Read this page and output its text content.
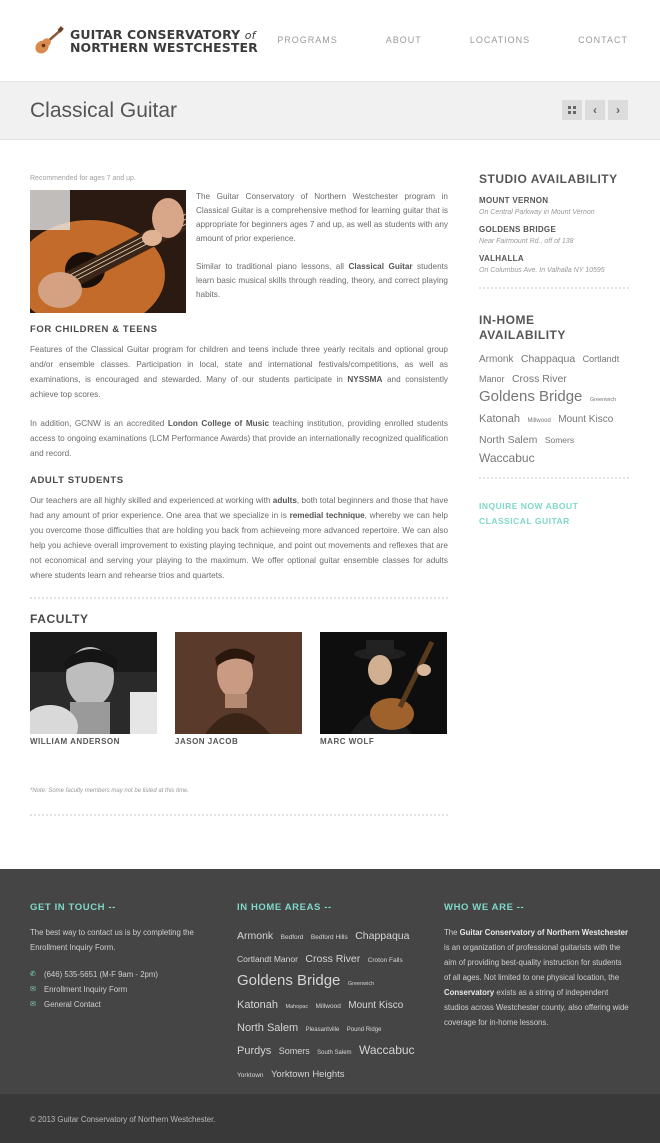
GUITAR CONSERVATORY of
NORTHERN WESTCHESTER PROGRAMS	ABOUT	LOCATIONS	CONTACT
Classical Guitar	‹ ›
Recommended for ages 7 and up.

The Guitar Conservatory of Northern Westchester program in Classical Guitar is a comprehensive method for learning guitar that is appropriate for beginners ages 7 and up, as well as students with any amount of prior experience.

Similar to traditional piano lessons, all Classical Guitar students learn basic musical skills through reading, theory, and correct playing habits.

FOR CHILDREN & TEENS

Features of the Classical Guitar program for children and teens include three yearly recitals and optional group and/or ensemble classes. Participation in local, state and international festivals/competitions, as well as examinations, is encouraged and stewarded. Many of our students participate in NYSSMA and consistently achieve top scores.

In addition, GCNW is an accredited London College of Music teaching institution, providing enrolled students access to ongoing examinations (LCM Performance Awards) that provide an internationally recognized qualification and record.

ADULT STUDENTS

Our teachers are all highly skilled and experienced at working with adults, both total beginners and those that have had any amount of prior experience. One area that we specialize in is remedial technique, whereby we can help you overcome those difficulties that are holding you back from achieveing more advanced repertoire. We can also help you achieve overall improvement to existing playing technique, and point out movements and reflexes that are not economical and serving your playing to the maximum. We offer optional guitar ensemble classes for adults where students learn and rehearse trios and quartets.

FACULTY
WILLIAM ANDERSON	JASON JACOB	MARC WOLF
*Note: Some faculty members may not be listed at this time.
STUDIO AVAILABILITY
MOUNT VERNON
On Central Parkway in Mount Vernon
GOLDENS BRIDGE
Near Fairmount Rd., off of 138
VALHALLA
On Columbus Ave. In Valhalla NY 10595
IN-HOME
AVAILABILITY
Armonk Chappaqua Cortlandt Manor Cross River Goldens Bridge Greenwich Katonah Millwood Mount Kisco North Salem Somers Waccabuc
INQUIRE NOW ABOUT
CLASSICAL GUITAR
GET IN TOUCH --

The best way to contact us is by completing the Enrollment Inquiry Form.

✆ (646) 535-5651 (M-F 9am - 2pm)
✉ Enrollment Inquiry Form
✉ General Contact
IN HOME AREAS --
Armonk Bedford Bedford Hills Chappaqua Cortlandt Manor Cross River Croton Falls Goldens Bridge Greenwich Katonah Mahopac Millwood Mount Kisco North Salem Pleasantville Pound Ridge Purdys Somers South Salem Waccabuc Yorktown Yorktown Heights
WHO WE ARE --

The Guitar Conservatory of Northern Westchester is an organization of professional guitarists with the aim of providing best-quality instruction for students of all ages. Not limited to one physical location, the Conservatory exists as a string of independent studios across Westchester county, also offering wide coverage for in-home lessons.

© 2013 Guitar Conservatory of Northern Westchester.
